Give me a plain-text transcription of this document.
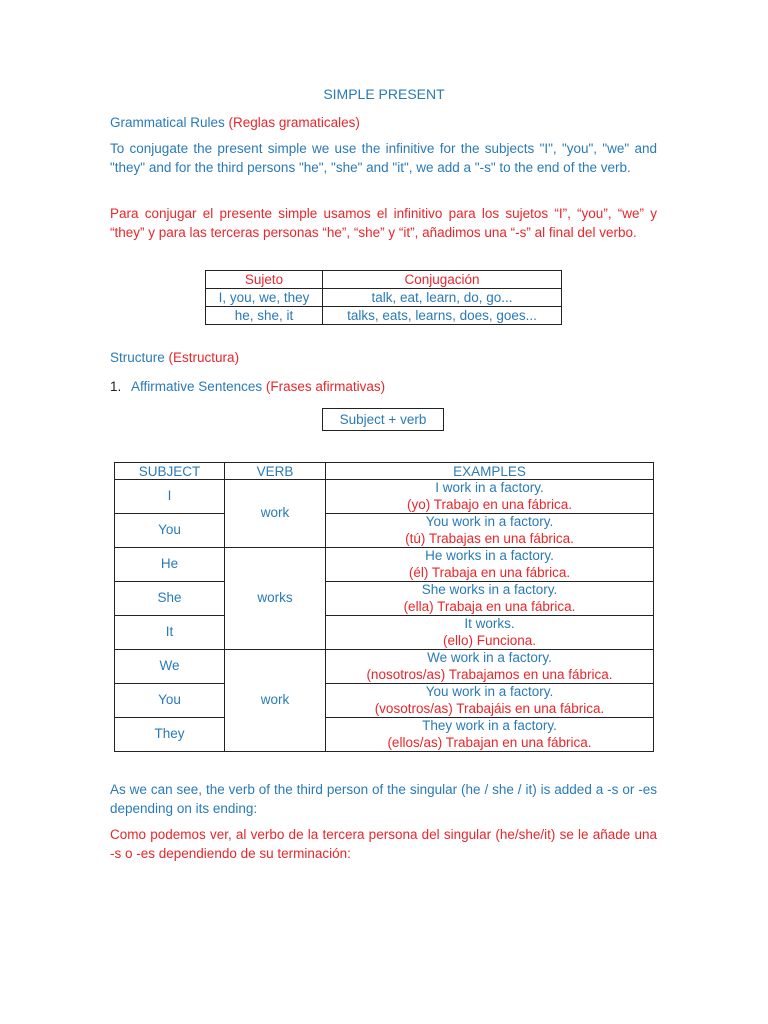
SIMPLE PRESENT
Grammatical Rules (Reglas gramaticales)

To conjugate the present simple we use the infinitive for the subjects "I", "you", "we" and "they" and for the third persons "he", "she" and "it", we add a "-s" to the end of the verb.

Para conjugar el presente simple usamos el infinitivo para los sujetos “I”, “you”, “we” y “they” y para las terceras personas “he”, “she” y “it”, añadimos una “-s” al final del verbo.

Sujeto	Conjugación
I, you, we, they	talk, eat, learn, do, go...
he, she, it	talks, eats, learns, does, goes...
Structure (Estructura)
1. Affirmative Sentences (Frases afirmativas)
Subject + verb
SUBJECT	VERB	EXAMPLES
I	work	I work in a factory.
(yo) Trabajo en una fábrica.

You		You work in a factory.
(tú) Trabajas en una fábrica.

He	works	He works in a factory.
(él) Trabaja en una fábrica.

She		She works in a factory.
(ella) Trabaja en una fábrica.

It		It works.
(ello) Funciona.

We	work	We work in a factory.
(nosotros/as) Trabajamos en una fábrica.

You		You work in a factory.
(vosotros/as) Trabajáis en una fábrica.

They		They work in a factory.
(ellos/as) Trabajan en una fábrica.

As we can see, the verb of the third person of the singular (he / she / it) is added a -s or -es depending on its ending:

Como podemos ver, al verbo de la tercera persona del singular (he/she/it) se le añade una -s o -es dependiendo de su terminación:
